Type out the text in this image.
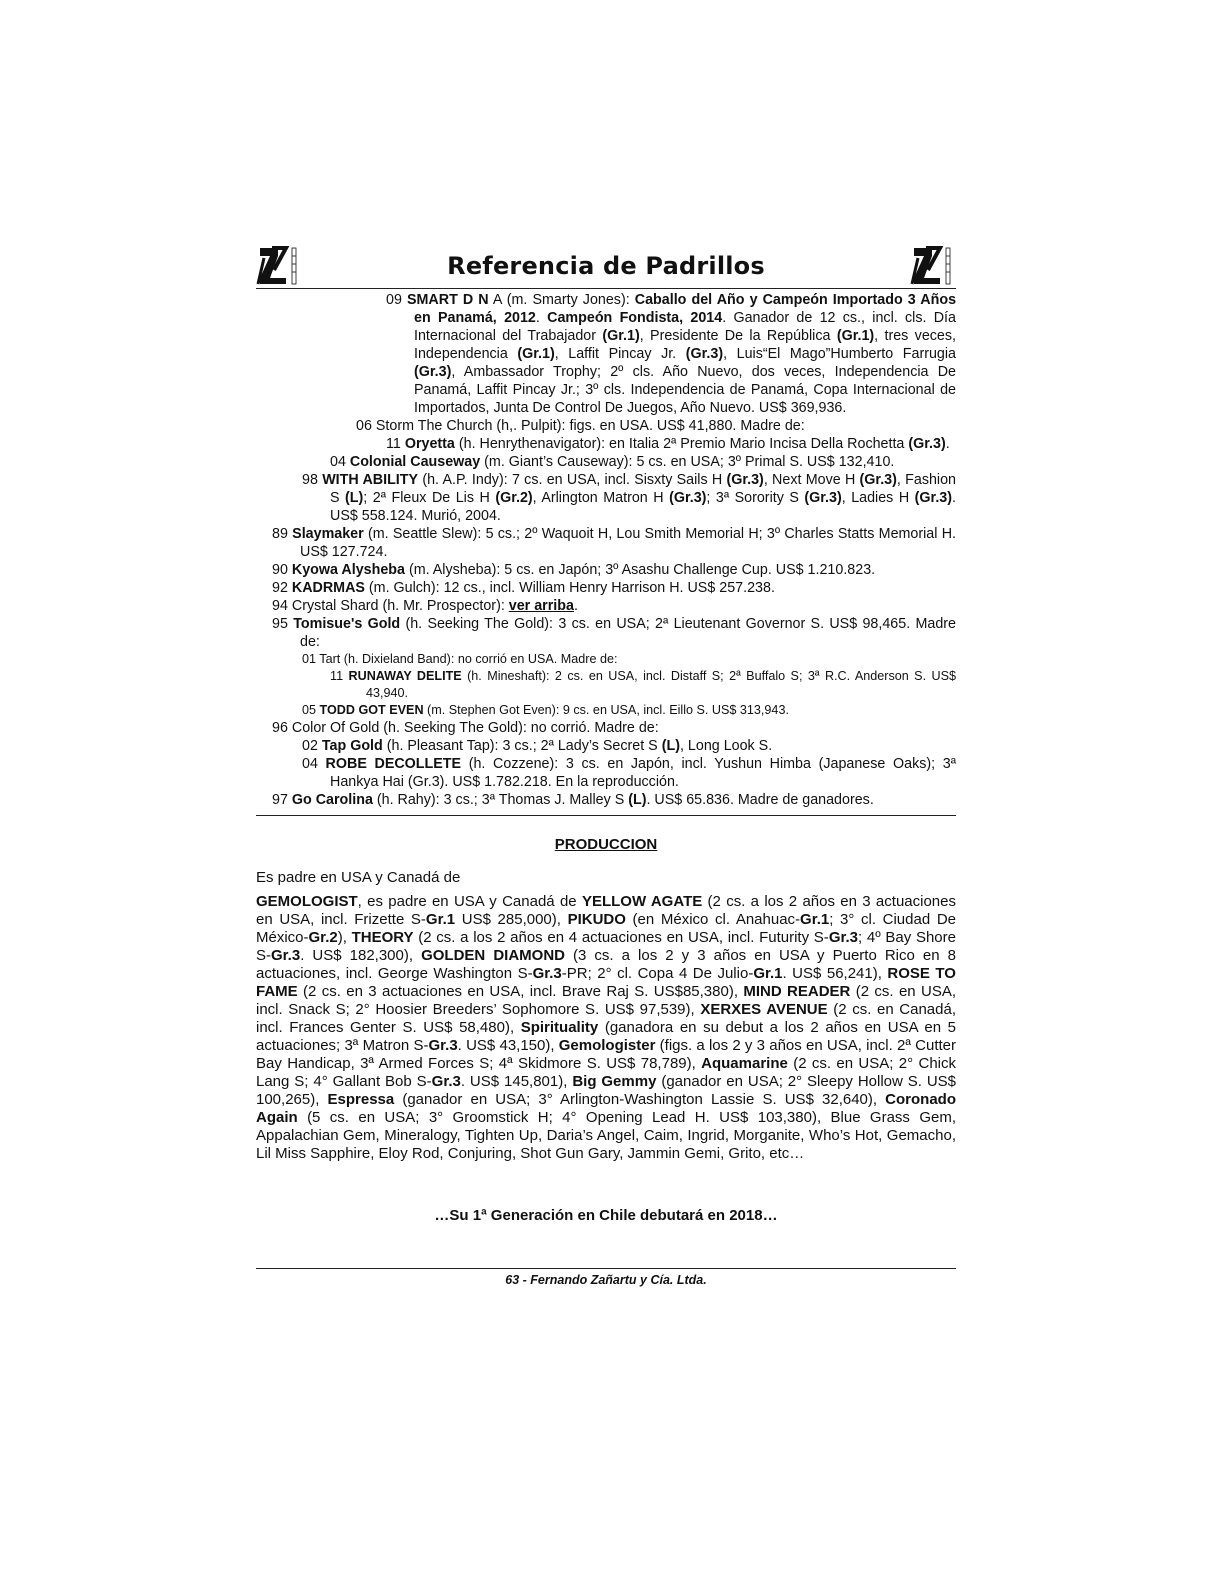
Referencia de Padrillos
09 SMART D N A (m. Smarty Jones): Caballo del Año y Campeón Importado 3 Años en Panamá, 2012. Campeón Fondista, 2014. Ganador de 12 cs., incl. cls. Día Internacional del Trabajador (Gr.1), Presidente De la República (Gr.1), tres veces, Independencia (Gr.1), Laffit Pincay Jr. (Gr.3), Luis“El Mago”Humberto Farrugia (Gr.3), Ambassador Trophy; 2º cls. Año Nuevo, dos veces, Independencia De Panamá, Laffit Pincay Jr.; 3º cls. Independencia de Panamá, Copa Internacional de Importados, Junta De Control De Juegos, Año Nuevo. US$ 369,936.
06 Storm The Church (h,. Pulpit): figs. en USA. US$ 41,880. Madre de:
11 Oryetta (h. Henrythenavigator): en Italia 2ª Premio Mario Incisa Della Rochetta (Gr.3).
04 Colonial Causeway (m. Giant’s Causeway): 5 cs. en USA; 3º Primal S. US$ 132,410.
98 WITH ABILITY (h. A.P. Indy): 7 cs. en USA, incl. Sisxty Sails H (Gr.3), Next Move H (Gr.3), Fashion S (L); 2ª Fleux De Lis H (Gr.2), Arlington Matron H (Gr.3); 3ª Sorority S (Gr.3), Ladies H (Gr.3). US$ 558.124. Murió, 2004.
89 Slaymaker (m. Seattle Slew): 5 cs.; 2º Waquoit H, Lou Smith Memorial H; 3º Charles Statts Memorial H. US$ 127.724.
90 Kyowa Alysheba (m. Alysheba): 5 cs. en Japón; 3º Asashu Challenge Cup. US$ 1.210.823.
92 KADRMAS (m. Gulch): 12 cs., incl. William Henry Harrison H. US$ 257.238.
94 Crystal Shard (h. Mr. Prospector): ver arriba.
95 Tomisue's Gold (h. Seeking The Gold): 3 cs. en USA; 2ª Lieutenant Governor S. US$ 98,465. Madre de:
01 Tart (h. Dixieland Band): no corrió en USA. Madre de:
11 RUNAWAY DELITE (h. Mineshaft): 2 cs. en USA, incl. Distaff S; 2ª Buffalo S; 3ª R.C. Anderson S. US$ 43,940.
05 TODD GOT EVEN (m. Stephen Got Even): 9 cs. en USA, incl. Eillo S. US$ 313,943.
96 Color Of Gold (h. Seeking The Gold): no corrió. Madre de:
02 Tap Gold (h. Pleasant Tap): 3 cs.; 2ª Lady’s Secret S (L), Long Look S.
04 ROBE DECOLLETE (h. Cozzene): 3 cs. en Japón, incl. Yushun Himba (Japanese Oaks); 3ª Hankya Hai (Gr.3). US$ 1.782.218. En la reproducción.
97 Go Carolina (h. Rahy): 3 cs.; 3ª Thomas J. Malley S (L). US$ 65.836. Madre de ganadores.
PRODUCCION
Es padre en USA y Canadá de
GEMOLOGIST, es padre en USA y Canadá de YELLOW AGATE (2 cs. a los 2 años en 3 actuaciones en USA, incl. Frizette S-Gr.1 US$ 285,000), PIKUDO (en México cl. Anahuac-Gr.1; 3° cl. Ciudad De México-Gr.2), THEORY (2 cs. a los 2 años en 4 actuaciones en USA, incl. Futurity S-Gr.3; 4º Bay Shore S-Gr.3. US$ 182,300), GOLDEN DIAMOND (3 cs. a los 2 y 3 años en USA y Puerto Rico en 8 actuaciones, incl. George Washington S-Gr.3-PR; 2° cl. Copa 4 De Julio-Gr.1. US$ 56,241), ROSE TO FAME (2 cs. en 3 actuaciones en USA, incl. Brave Raj S. US$85,380), MIND READER (2 cs. en USA, incl. Snack S; 2° Hoosier Breeders’ Sophomore S. US$ 97,539), XERXES AVENUE (2 cs. en Canadá, incl. Frances Genter S. US$ 58,480), Spirituality (ganadora en su debut a los 2 años en USA en 5 actuaciones; 3ª Matron S-Gr.3. US$ 43,150), Gemologister (figs. a los 2 y 3 años en USA, incl. 2ª Cutter Bay Handicap, 3ª Armed Forces S; 4ª Skidmore S. US$ 78,789), Aquamarine (2 cs. en USA; 2° Chick Lang S; 4° Gallant Bob S-Gr.3. US$ 145,801), Big Gemmy (ganador en USA; 2° Sleepy Hollow S. US$ 100,265), Espressa (ganador en USA; 3° Arlington-Washington Lassie S. US$ 32,640), Coronado Again (5 cs. en USA; 3° Groomstick H; 4° Opening Lead H. US$ 103,380), Blue Grass Gem, Appalachian Gem, Mineralogy, Tighten Up, Daria’s Angel, Caim, Ingrid, Morganite, Who’s Hot, Gemacho, Lil Miss Sapphire, Eloy Rod, Conjuring, Shot Gun Gary, Jammin Gemi, Grito, etc…
…Su 1ª Generación en Chile debutará en 2018…
63 - Fernando Zañartu y Cía. Ltda.
